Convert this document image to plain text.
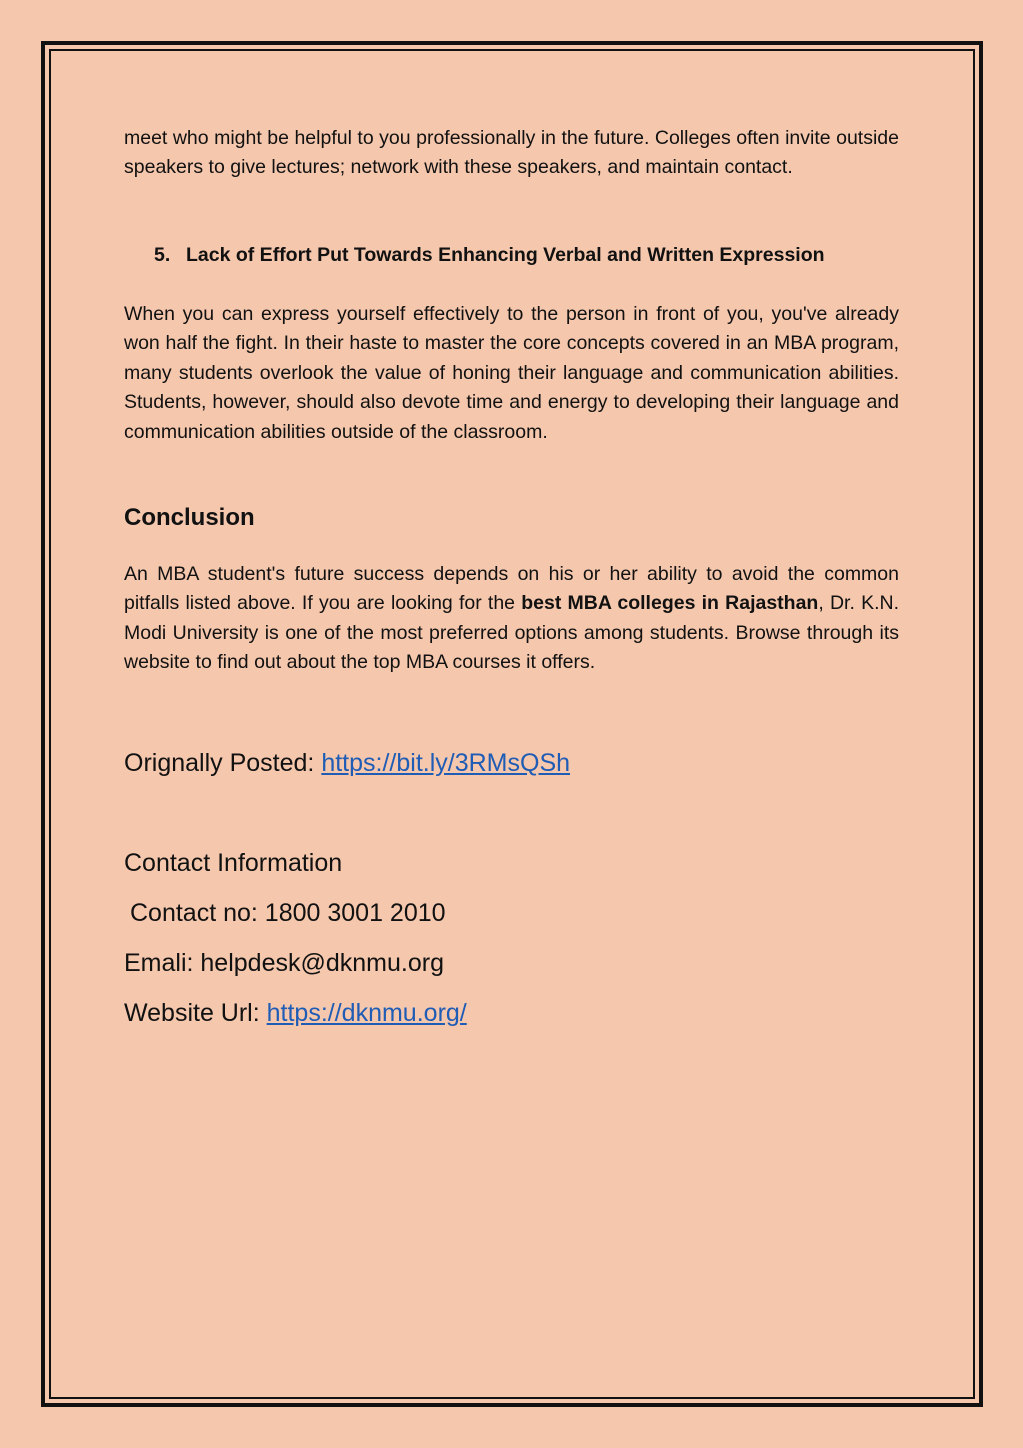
meet who might be helpful to you professionally in the future. Colleges often invite outside speakers to give lectures; network with these speakers, and maintain contact.

5. Lack of Effort Put Towards Enhancing Verbal and Written Expression

When you can express yourself effectively to the person in front of you, you've already won half the fight. In their haste to master the core concepts covered in an MBA program, many students overlook the value of honing their language and communication abilities. Students, however, should also devote time and energy to developing their language and communication abilities outside of the classroom.

Conclusion

An MBA student's future success depends on his or her ability to avoid the common pitfalls listed above. If you are looking for the best MBA colleges in Rajasthan, Dr. K.N. Modi University is one of the most preferred options among students. Browse through its website to find out about the top MBA courses it offers.

Orignally Posted: https://bit.ly/3RMsQSh
Contact Information
Contact no: 1800 3001 2010
Emali: helpdesk@dknmu.org
Website Url: https://dknmu.org/
